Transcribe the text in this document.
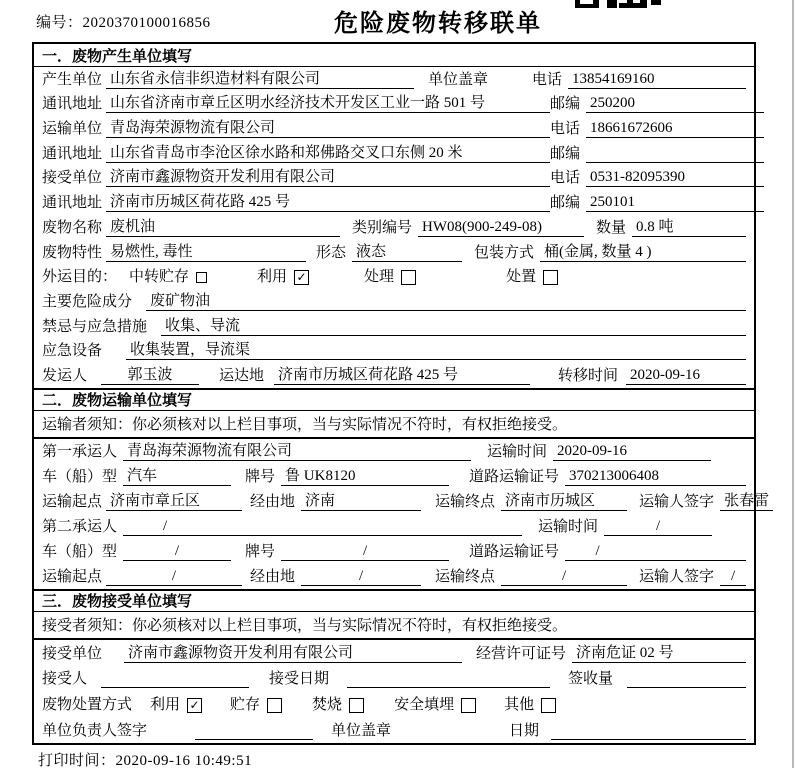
编号：2020370100016856	危险废物转移联单
一．废物产生单位填写
产生单位 山东省永信非织造材料有限公司	单位盖章	电话 13854169160
通讯地址 山东省济南市章丘区明水经济技术开发区工业一路 501 号	邮编 250200
运输单位 青岛海荣源物流有限公司	电话 18661672606
通讯地址 山东省青岛市李沧区徐水路和郑佛路交叉口东侧 20 米	邮编
接受单位 济南市鑫源物资开发利用有限公司	电话 0531-82095390
通讯地址 济南市历城区荷花路 425 号	邮编 250101
废物名称 废机油	类别编号 HW08(900-249-08)	数量 0.8 吨
废物特性 易燃性, 毒性	形态 液态	包装方式 桶(金属, 数量 4 )
外运目的： 中转贮存	利用 ✓	处理	处置
主要危险成分 废矿物油
禁忌与应急措施 收集、导流
应急设备 收集装置，导流渠
发运人	郭玉波	运达地 济南市历城区荷花路 425 号	转移时间 2020-09-16
二．废物运输单位填写
运输者须知：你必须核对以上栏目事项，当与实际情况不符时，有权拒绝接受。
第一承运人 青岛海荣源物流有限公司	运输时间 2020-09-16
车（船）型 汽车	牌号 鲁 UK8120	道路运输证号 370213006408
运输起点 济南市章丘区	经由地 济南	运输终点 济南市历城区	运输人签字 张春雷
第二承运人	/	运输时间	/
车（船）型	/	牌号	/	道路运输证号	/
运输起点	/	经由地	/	运输终点	/	运输人签字	/
三．废物接受单位填写
接受者须知：你必须核对以上栏目事项，当与实际情况不符时，有权拒绝接受。
接受单位 济南市鑫源物资开发利用有限公司	经营许可证号 济南危证 02 号
接受人	接受日期	签收量
废物处置方式 利用 ✓ 贮存	焚烧	安全填埋	其他
单位负责人签字	单位盖章	日期
打印时间：2020-09-16 10:49:51
